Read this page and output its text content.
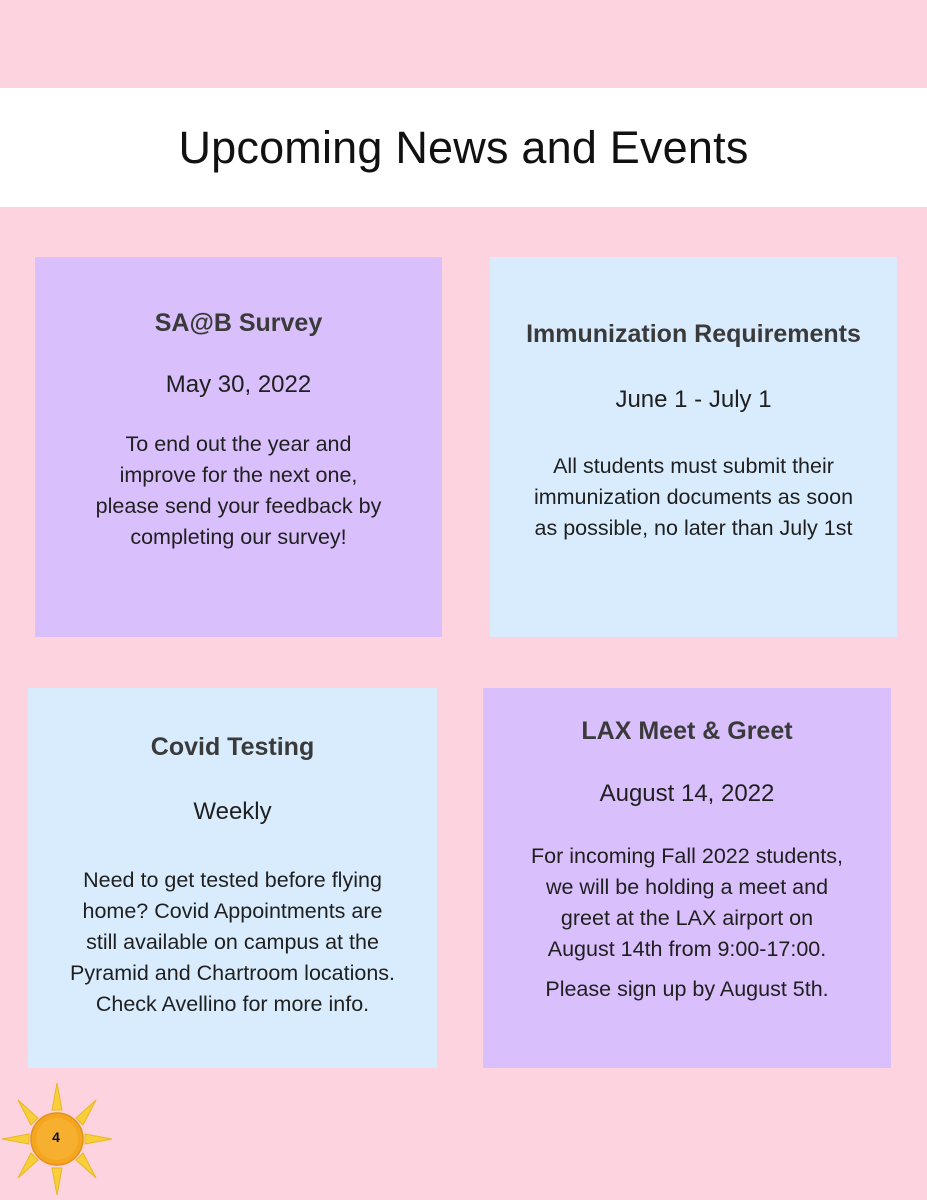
Upcoming News and Events
SA@B Survey
May 30, 2022
To end out the year and
improve for the next one,
please send your feedback by
completing our survey!
Immunization Requirements
June 1 - July 1
All students must submit their
immunization documents as soon
as possible, no later than July 1st
Covid Testing
Weekly
Need to get tested before flying
home? Covid Appointments are
still available on campus at the
Pyramid and Chartroom locations.
Check Avellino for more info.
LAX Meet & Greet
August 14, 2022
For incoming Fall 2022 students,
we will be holding a meet and
greet at the LAX airport on
August 14th from 9:00-17:00.
Please sign up by August 5th.
4
